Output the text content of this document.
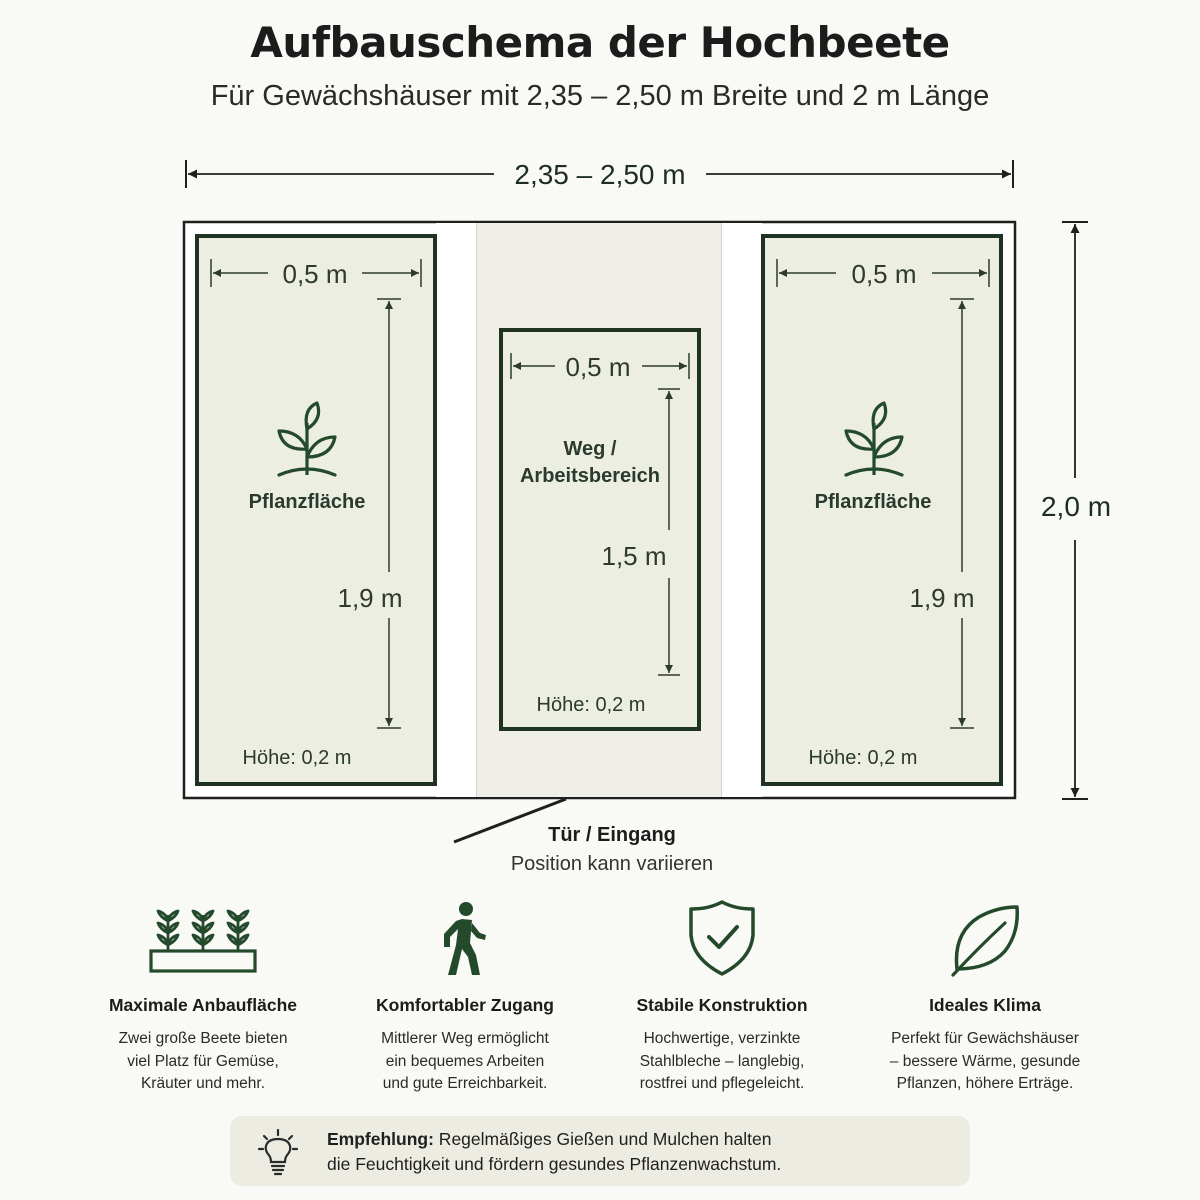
Aufbauschema der Hochbeete
Für Gewächshäuser mit 2,35 – 2,50 m Breite und 2 m Länge
2,35 – 2,50 m
2,0 m
0,5 m
1,9 m
Pflanzfläche
Höhe: 0,2 m
0,5 m
1,5 m
Weg /
Arbeitsbereich
Höhe: 0,2 m
0,5 m
1,9 m
Pflanzfläche
Höhe: 0,2 m
Tür / Eingang
Position kann variieren
Maximale Anbaufläche
Zwei große Beete bieten
viel Platz für Gemüse,
Kräuter und mehr.
Komfortabler Zugang
Mittlerer Weg ermöglicht
ein bequemes Arbeiten
und gute Erreichbarkeit.
Stabile Konstruktion
Hochwertige, verzinkte
Stahlbleche – langlebig,
rostfrei und pflegeleicht.
Ideales Klima
Perfekt für Gewächshäuser
– bessere Wärme, gesunde
Pflanzen, höhere Erträge.
Empfehlung: Regelmäßiges Gießen und Mulchen halten
die Feuchtigkeit und fördern gesundes Pflanzenwachstum.
